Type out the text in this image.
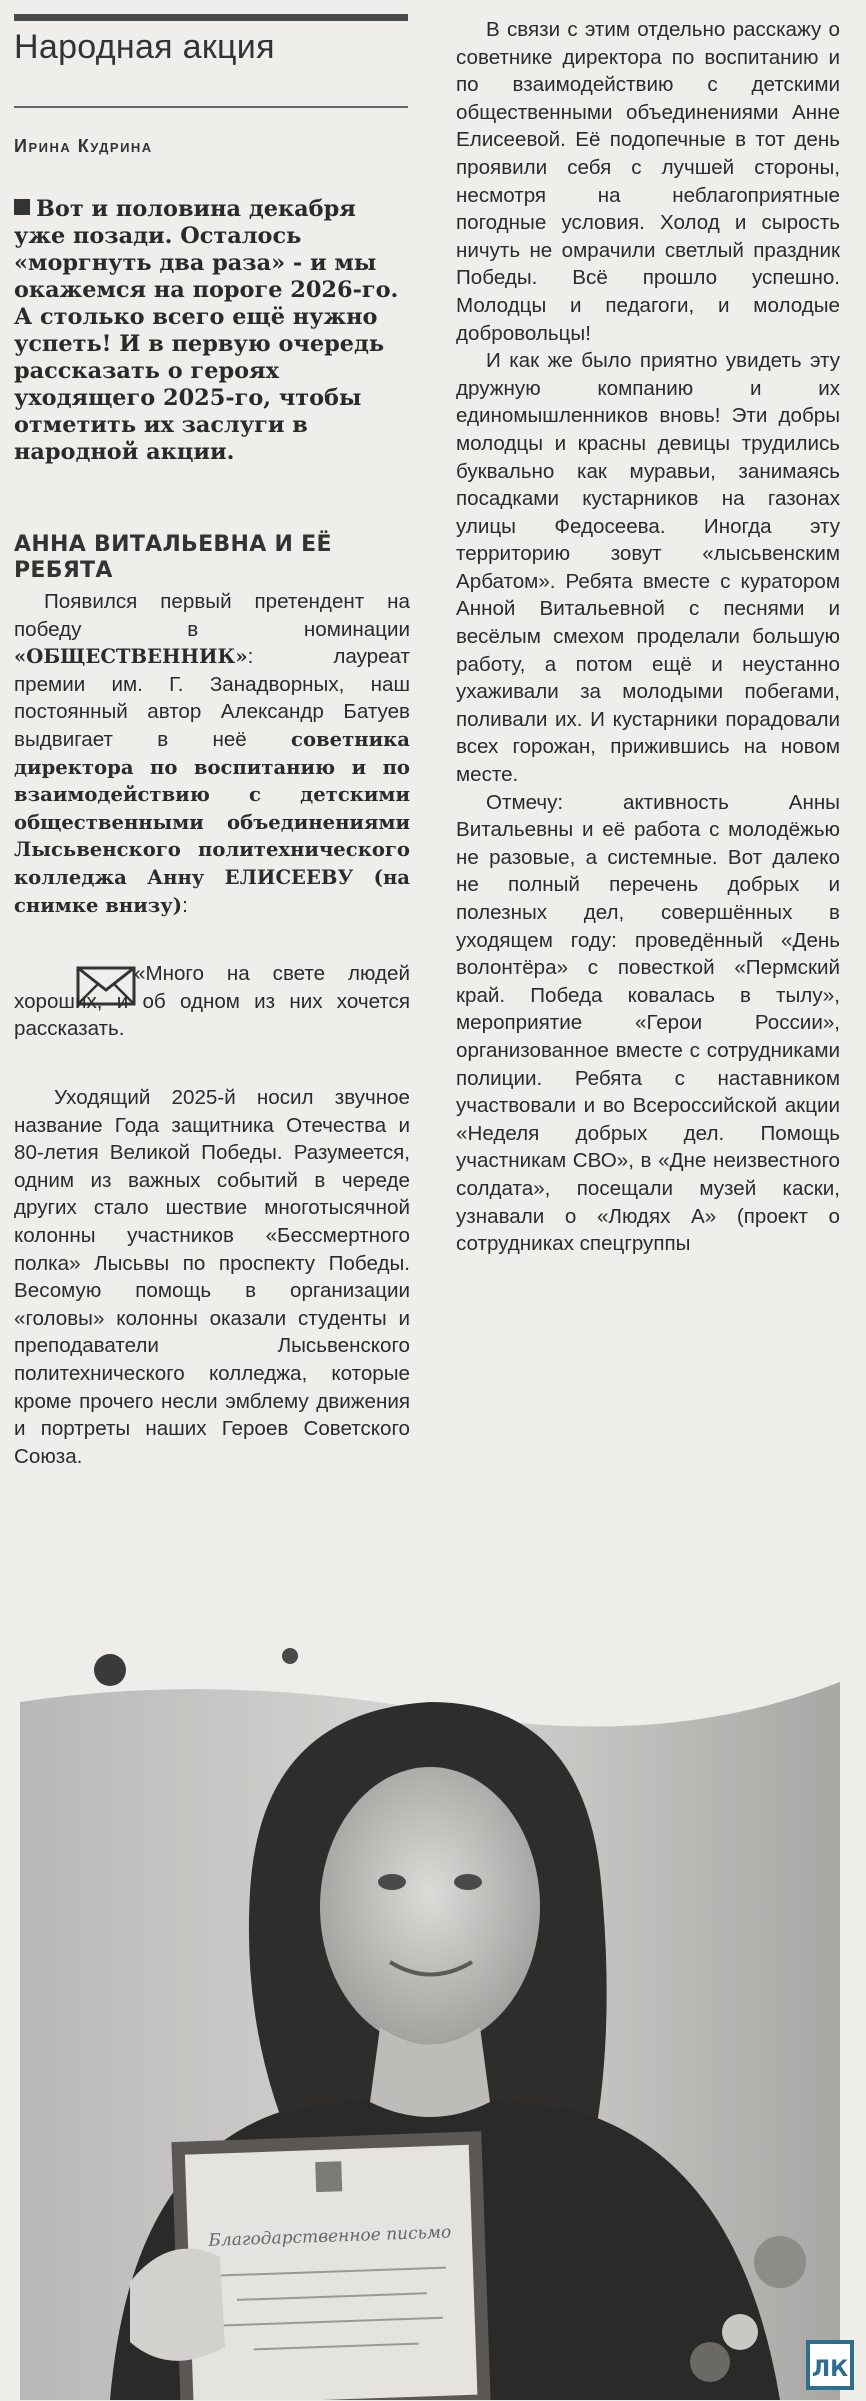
Народная акция
Ирина Кудрина
Вот и половина декабря уже позади. Осталось «моргнуть два раза» - и мы окажемся на пороге 2026-го. А столько всего ещё нужно успеть! И в первую очередь рассказать о героях уходящего 2025-го, чтобы отметить их заслуги в народной акции.
АННА ВИТАЛЬЕВНА И ЕЁ РЕБЯТА
Появился первый претендент на победу в номинации «ОБЩЕСТВЕННИК»: лауреат премии им. Г. Занадворных, наш постоянный автор Александр Батуев выдвигает в неё советника директора по воспитанию и по взаимодействию с детскими общественными объединениями Лысьвенского политехнического колледжа Анну ЕЛИСЕЕВУ (на снимке внизу):
«Много на свете людей хороших, и об одном из них хочется рассказать.
Уходящий 2025-й носил звучное название Года защитника Отечества и 80-летия Великой Победы. Разумеется, одним из важных событий в череде других стало шествие многотысячной колонны участников «Бессмертного полка» Лысьвы по проспекту Победы. Весомую помощь в организации «головы» колонны оказали студенты и преподаватели Лысьвенского политехнического колледжа, которые кроме прочего несли эмблему движения и портреты наших Героев Советского Союза.

В связи с этим отдельно расскажу о советнике директора по воспитанию и по взаимодействию с детскими общественными объединениями Анне Елисеевой. Её подопечные в тот день проявили себя с лучшей стороны, несмотря на неблагоприятные погодные условия. Холод и сырость ничуть не омрачили светлый праздник Победы. Всё прошло успешно. Молодцы и педагоги, и молодые добровольцы!

И как же было приятно увидеть эту дружную компанию и их единомышленников вновь! Эти добры молодцы и красны девицы трудились буквально как муравьи, занимаясь посадками кустарников на газонах улицы Федосеева. Иногда эту территорию зовут «лысьвенским Арбатом». Ребята вместе с куратором Анной Витальевной с песнями и весёлым смехом проделали большую работу, а потом ещё и неустанно ухаживали за молодыми побегами, поливали их. И кустарники порадовали всех горожан, прижившись на новом месте.

Отмечу: активность Анны Витальевны и её работа с молодёжью не разовые, а системные. Вот далеко не полный перечень добрых и полезных дел, совершённых в уходящем году: проведённый «День волонтёра» с повесткой «Пермский край. Победа ковалась в тылу», мероприятие «Герои России», организованное вместе с сотрудниками полиции. Ребята с наставником участвовали и во Всероссийской акции «Неделя добрых дел. Помощь участникам СВО», в «Дне неизвестного солдата», посещали музей каски, узнавали о «Людях А» (проект о сотрудниках спецгруппы

Благодарственное письмо
ЛК
